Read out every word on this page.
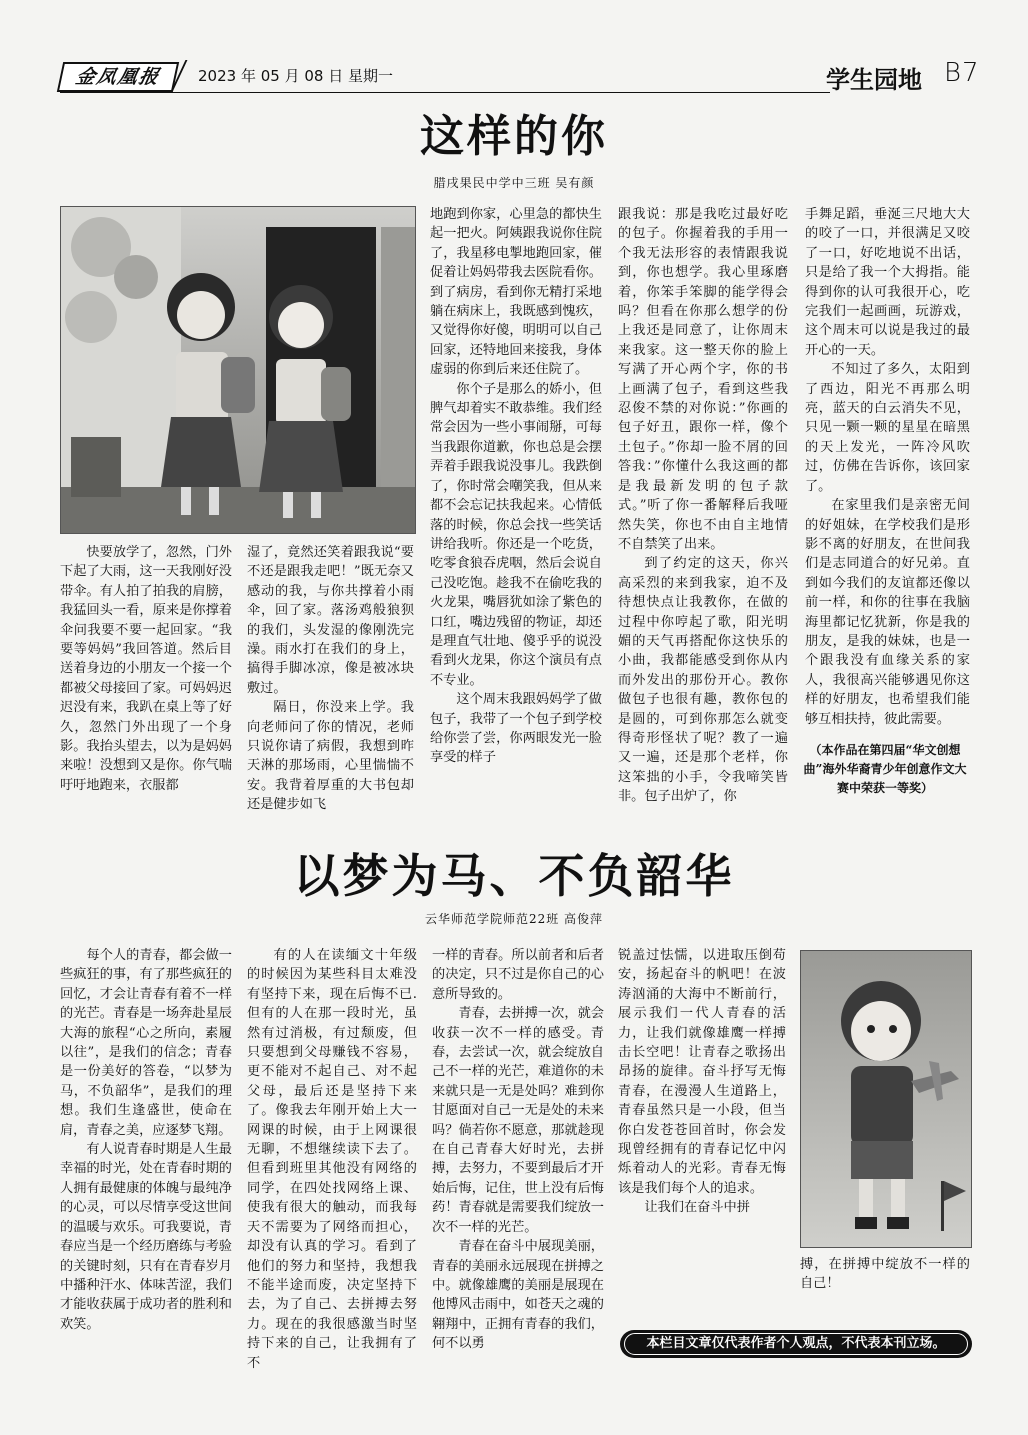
金凤凰报	2023 年 05 月 08 日 星期一	学生园地 B7
这样的你
腊戌果民中学中三班 吴有颜

快要放学了，忽然，门外下起了大雨，这一天我刚好没带伞。有人拍了拍我的肩膀，我猛回头一看，原来是你撑着伞问我要不要一起回家。“我要等妈妈”我回答道。然后目送着身边的小朋友一个接一个都被父母接回了家。可妈妈迟迟没有来，我趴在桌上等了好久，忽然门外出现了一个身影。我抬头望去，以为是妈妈来啦！没想到又是你。你气喘吁吁地跑来，衣服都

湿了，竟然还笑着跟我说“要不还是跟我走吧！”既无奈又感动的我，与你共撑着小雨伞，回了家。落汤鸡般狼狈的我们，头发湿的像刚洗完澡。雨水打在我们的身上，搞得手脚冰凉，像是被冰块敷过。

隔日，你没来上学。我向老师问了你的情况，老师只说你请了病假，我想到昨天淋的那场雨，心里惴惴不安。我背着厚重的大书包却还是健步如飞

地跑到你家，心里急的都快生起一把火。阿姨跟我说你住院了，我星移电掣地跑回家，催促着让妈妈带我去医院看你。到了病房，看到你无精打采地躺在病床上，我既感到愧疚，又觉得你好傻，明明可以自己回家，还特地回来接我，身体虚弱的你到后来还住院了。

你个子是那么的娇小，但脾气却着实不敢恭维。我们经常会因为一些小事闹掰，可每当我跟你道歉，你也总是会摆弄着手跟我说没事儿。我跌倒了，你时常会嘲笑我，但从来都不会忘记扶我起来。心情低落的时候，你总会找一些笑话讲给我听。你还是一个吃货，吃零食狼吞虎咽，然后会说自己没吃饱。趁我不在偷吃我的火龙果，嘴唇犹如涂了紫色的口红，嘴边残留的物证，却还是理直气壮地、傻乎乎的说没看到火龙果，你这个演员有点不专业。

这个周末我跟妈妈学了做包子，我带了一个包子到学校给你尝了尝，你两眼发光一脸享受的样子

跟我说：那是我吃过最好吃的包子。你握着我的手用一个我无法形容的表情跟我说到，你也想学。我心里琢磨着，你笨手笨脚的能学得会吗？但看在你那么想学的份上我还是同意了，让你周末来我家。这一整天你的脸上写满了开心两个字，你的书上画满了包子，看到这些我忍俊不禁的对你说：”你画的包子好丑，跟你一样，像个土包子。”你却一脸不屑的回答我：”你懂什么我这画的都是我最新发明的包子款式。”听了你一番解释后我哑然失笑，你也不由自主地情不自禁笑了出来。

到了约定的这天，你兴高采烈的来到我家，迫不及待想快点让我教你，在做的过程中你哼起了歌，阳光明媚的天气再搭配你这快乐的小曲，我都能感受到你从内而外发出的那份开心。教你做包子也很有趣，教你包的是圆的，可到你那怎么就变得奇形怪状了呢？教了一遍又一遍，还是那个老样，你这笨拙的小手，令我啼笑皆非。包子出炉了，你

手舞足蹈，垂涎三尺地大大的咬了一口，并很满足又咬了一口，好吃地说不出话，只是给了我一个大拇指。能得到你的认可我很开心，吃完我们一起画画，玩游戏，这个周末可以说是我过的最开心的一天。

不知过了多久，太阳到了西边，阳光不再那么明亮，蓝天的白云消失不见，只见一颗一颗的星星在暗黑的天上发光，一阵冷风吹过，仿佛在告诉你，该回家了。

在家里我们是亲密无间的好姐妹，在学校我们是形影不离的好朋友，在世间我们是志同道合的好兄弟。直到如今我们的友谊都还像以前一样，和你的往事在我脑海里都记忆犹新，你是我的朋友，是我的妹妹，也是一个跟我没有血缘关系的家人，我很高兴能够遇见你这样的好朋友，也希望我们能够互相扶持，彼此需要。

（本作品在第四届“华文创想曲”海外华裔青少年创意作文大赛中荣获一等奖）
以梦为马、不负韶华
云华师范学院师范22班 高俊萍

每个人的青春，都会做一些疯狂的事，有了那些疯狂的回忆，才会让青春有着不一样的光芒。青春是一场奔赴星辰大海的旅程“心之所向，素履以往”，是我们的信念；青春是一份美好的答卷，“以梦为马，不负韶华”，是我们的理想。我们生逢盛世，使命在肩，青春之美，应逐梦飞翔。

有人说青春时期是人生最幸福的时光，处在青春时期的人拥有最健康的体魄与最纯净的心灵，可以尽情享受这世间的温暖与欢乐。可我要说，青春应当是一个经历磨练与考验的关键时刻，只有在青春岁月中播种汗水、体味苦涩，我们才能收获属于成功者的胜利和欢笑。

有的人在读缅文十年级的时候因为某些科目太难没有坚持下来，现在后悔不已.但有的人在那一段时光，虽然有过消极，有过颓废，但只要想到父母赚钱不容易，更不能对不起自己、对不起父母，最后还是坚持下来了。像我去年刚开始上大一网课的时候，由于上网课很无聊，不想继续读下去了。但看到班里其他没有网络的同学，在四处找网络上课、使我有很大的触动，而我每天不需要为了网络而担心，却没有认真的学习。看到了他们的努力和坚持，我想我不能半途而废，决定坚持下去，为了自己、去拼搏去努力。现在的我很感激当时坚持下来的自己，让我拥有了不

一样的青春。所以前者和后者的决定，只不过是你自己的心意所导致的。

青春，去拼搏一次，就会收获一次不一样的感受。青春，去尝试一次，就会绽放自己不一样的光芒，难道你的未来就只是一无是处吗？难到你甘愿面对自己一无是处的未来吗？倘若你不愿意，那就趁现在自己青春大好时光，去拼搏，去努力，不要到最后才开始后悔，记住，世上没有后悔药！青春就是需要我们绽放一次不一样的光芒。

青春在奋斗中展现美丽，青春的美丽永远展现在拼搏之中。就像雄鹰的美丽是展现在他博风击雨中，如苍天之魂的翱翔中，正拥有青春的我们，何不以勇

锐盖过怯懦，以进取压倒苟安，扬起奋斗的帆吧！在波涛汹涌的大海中不断前行，展示我们一代人青春的活力，让我们就像雄鹰一样搏击长空吧！让青春之歌扬出昂扬的旋律。奋斗抒写无悔青春，在漫漫人生道路上，青春虽然只是一小段，但当你白发苍苍回首时，你会发现曾经拥有的青春记忆中闪烁着动人的光彩。青春无悔该是我们每个人的追求。

让我们在奋斗中拼

搏，在拼搏中绽放不一样的自己！

本栏目文章仅代表作者个人观点，不代表本刊立场。
